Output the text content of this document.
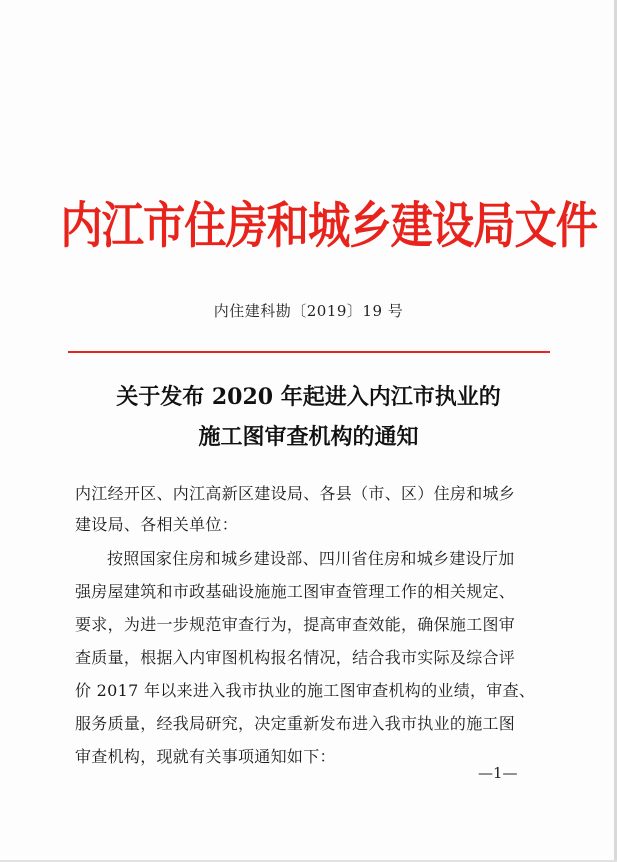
内江市住房和城乡建设局文件
内住建科勘〔2019〕19 号
关于发布 2020 年起进入内江市执业的
施工图审查机构的通知
内江经开区、内江高新区建设局、各县（市、区）住房和城乡
建设局、各相关单位：
按照国家住房和城乡建设部、四川省住房和城乡建设厅加
强房屋建筑和市政基础设施施工图审查管理工作的相关规定、
要求，为进一步规范审查行为，提高审查效能，确保施工图审
查质量，根据入内审图机构报名情况，结合我市实际及综合评
价 2017 年以来进入我市执业的施工图审查机构的业绩，审查、
服务质量，经我局研究，决定重新发布进入我市执业的施工图
审查机构，现就有关事项通知如下：
—1—
